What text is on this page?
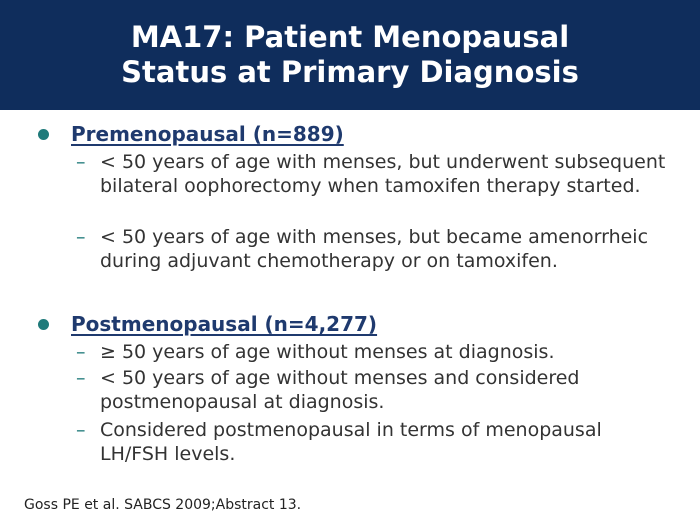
MA17: Patient Menopausal
Status at Primary Diagnosis
Premenopausal (n=889)
– < 50 years of age with menses, but underwent subsequent bilateral oophorectomy when tamoxifen therapy started.
– < 50 years of age with menses, but became amenorrheic during adjuvant chemotherapy or on tamoxifen.
Postmenopausal (n=4,277)
– ≥ 50 years of age without menses at diagnosis.
– < 50 years of age without menses and considered postmenopausal at diagnosis.
– Considered postmenopausal in terms of menopausal LH/FSH levels.
Goss PE et al. SABCS 2009;Abstract 13.
